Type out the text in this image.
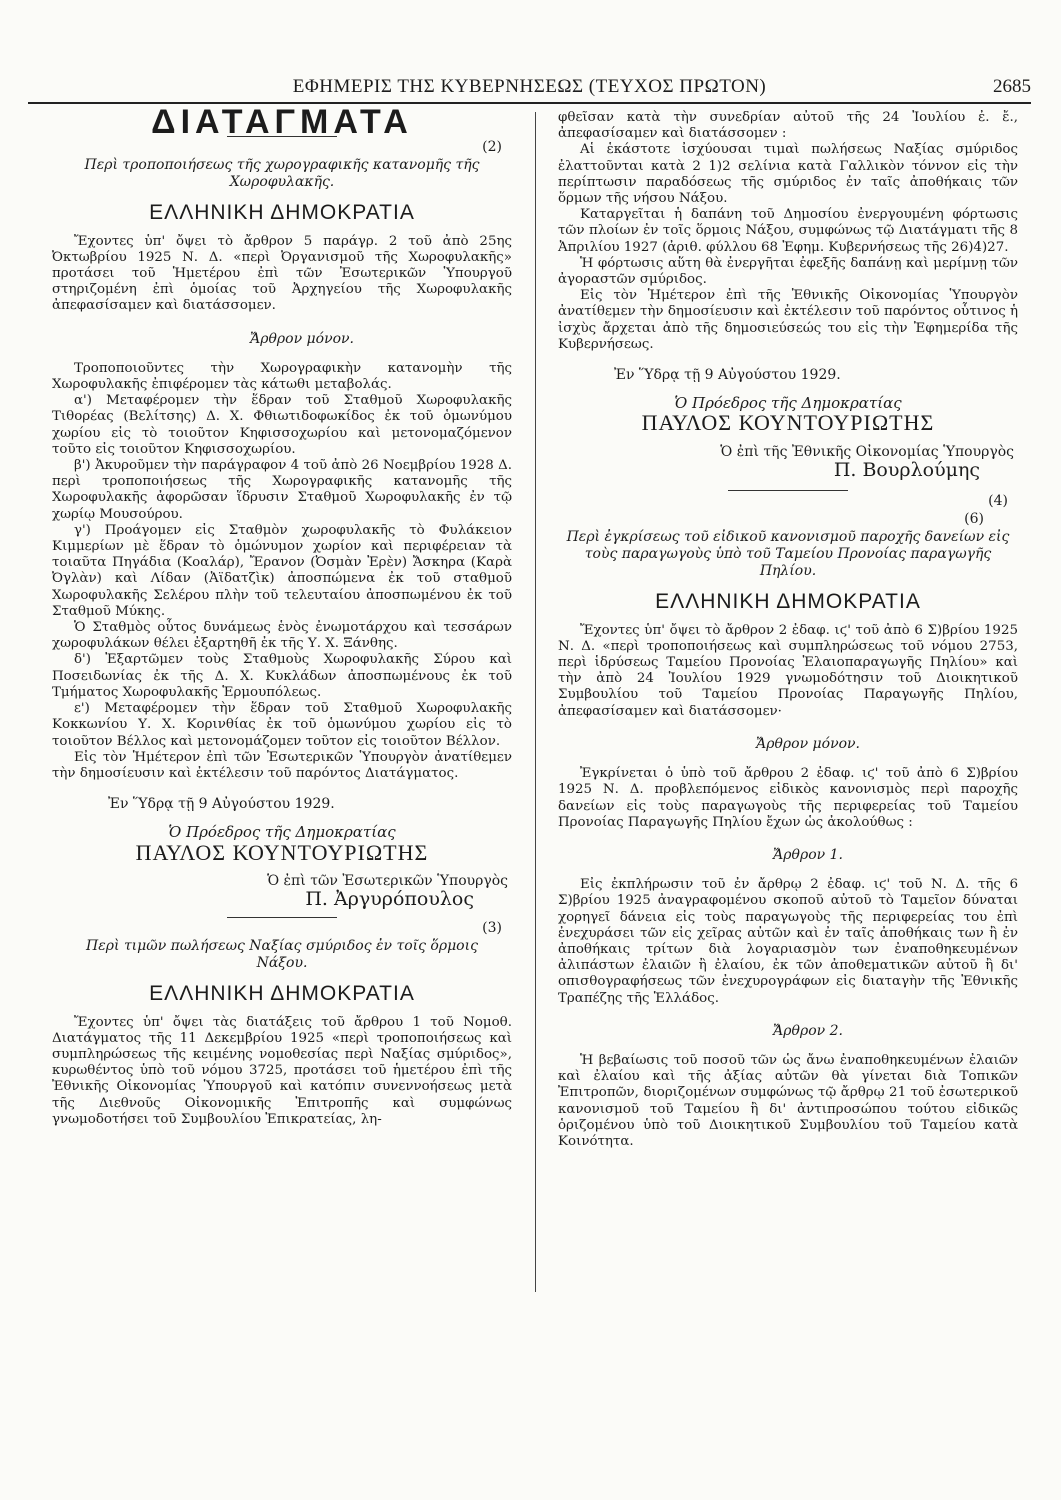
ΕΦΗΜΕΡΙΣ ΤΗΣ ΚΥΒΕΡΝΗΣΕΩΣ (ΤΕΥΧΟΣ ΠΡΩΤΟΝ)	2685
ΔΙΑΤΑΓΜΑΤΑ
(2)
Περὶ τροποποιήσεως τῆς χωρογραφικῆς κατανομῆς τῆς Χωροφυλακῆς.
ΕΛΛΗΝΙΚΗ ΔΗΜΟΚΡΑΤΙΑ

Ἔχοντες ὑπ' ὄψει τὸ ἄρθρον 5 παράγρ. 2 τοῦ ἀπὸ 25ης Ὀκτωβρίου 1925 Ν. Δ. «περὶ Ὀργανισμοῦ τῆς Χωροφυλακῆς» προτάσει τοῦ Ἡμετέρου ἐπὶ τῶν Ἐσωτερικῶν Ὑπουργοῦ στηριζομένη ἐπὶ ὁμοίας τοῦ Ἀρχηγείου τῆς Χωροφυλακῆς ἀπεφασίσαμεν καὶ διατάσσομεν.

Ἄρθρον μόνον.

Τροποποιοῦντες τὴν Χωρογραφικὴν κατανομὴν τῆς Χωροφυλακῆς ἐπιφέρομεν τὰς κάτωθι μεταβολάς.

α') Μεταφέρομεν τὴν ἕδραν τοῦ Σταθμοῦ Χωροφυλακῆς Τιθορέας (Βελίτσης) Δ. Χ. Φθιωτιδοφωκίδος ἐκ τοῦ ὁμωνύμου χωρίου εἰς τὸ τοιοῦτον Κηφισσοχωρίου καὶ μετονομαζόμενον τοῦτο εἰς τοιοῦτον Κηφισσοχωρίου.

β') Ἀκυροῦμεν τὴν παράγραφον 4 τοῦ ἀπὸ 26 Νοεμβρίου 1928 Δ. περὶ τροποποιήσεως τῆς Χωρογραφικῆς κατανομῆς τῆς Χωροφυλακῆς ἀφορῶσαν ἵδρυσιν Σταθμοῦ Χωροφυλακῆς ἐν τῷ χωρίῳ Μουσούρου.

γ') Προάγομεν εἰς Σταθμὸν χωροφυλακῆς τὸ Φυλάκειον Κιμμερίων μὲ ἕδραν τὸ ὁμώνυμον χωρίον καὶ περιφέρειαν τὰ τοιαῦτα Πηγάδια (Κοαλάρ), Ἔρανον (Ὀσμὰν Ἐρὲν) Ἄσκηρα (Καρὰ Ὀγλὰν) καὶ Λίδαν (Ἀϊδατζὶκ) ἀποσπώμενα ἐκ τοῦ σταθμοῦ Χωροφυλακῆς Σελέρου πλὴν τοῦ τελευταίου ἀποσπωμένου ἐκ τοῦ Σταθμοῦ Μύκης.

Ὁ Σταθμὸς οὗτος δυνάμεως ἑνὸς ἐνωμοτάρχου καὶ τεσσάρων χωροφυλάκων θέλει ἐξαρτηθῆ ἐκ τῆς Υ. Χ. Ξάνθης.

δ') Ἐξαρτῶμεν τοὺς Σταθμοὺς Χωροφυλακῆς Σύρου καὶ Ποσειδωνίας ἐκ τῆς Δ. Χ. Κυκλάδων ἀποσπωμένους ἐκ τοῦ Τμήματος Χωροφυλακῆς Ἑρμουπόλεως.

ε') Μεταφέρομεν τὴν ἕδραν τοῦ Σταθμοῦ Χωροφυλακῆς Κοκκωνίου Υ. Χ. Κορινθίας ἐκ τοῦ ὁμωνύμου χωρίου εἰς τὸ τοιοῦτον Βέλλος καὶ μετονομάζομεν τοῦτον εἰς τοιοῦτον Βέλλον.

Εἰς τὸν Ἡμέτερον ἐπὶ τῶν Ἐσωτερικῶν Ὑπουργὸν ἀνατίθεμεν τὴν δημοσίευσιν καὶ ἐκτέλεσιν τοῦ παρόντος Διατάγματος.

Ἐν Ὕδρᾳ τῇ 9 Αὐγούστου 1929.

Ὁ Πρόεδρος τῆς Δημοκρατίας
ΠΑΥΛΟΣ ΚΟΥΝΤΟΥΡΙΩΤΗΣ
Ὁ ἐπὶ τῶν Ἐσωτερικῶν Ὑπουργὸς
Π. Ἀργυρόπουλος
(3)
Περὶ τιμῶν πωλήσεως Ναξίας σμύριδος ἐν τοῖς ὅρμοις Νάξου.
ΕΛΛΗΝΙΚΗ ΔΗΜΟΚΡΑΤΙΑ

Ἔχοντες ὑπ' ὄψει τὰς διατάξεις τοῦ ἄρθρου 1 τοῦ Νομοθ. Διατάγματος τῆς 11 Δεκεμβρίου 1925 «περὶ τροποποιήσεως καὶ συμπληρώσεως τῆς κειμένης νομοθεσίας περὶ Ναξίας σμύριδος», κυρωθέντος ὑπὸ τοῦ νόμου 3725, προτάσει τοῦ ἡμετέρου ἐπὶ τῆς Ἐθνικῆς Οἰκονομίας Ὑπουργοῦ καὶ κατόπιν συνεννοήσεως μετὰ τῆς Διεθνοῦς Οἰκονομικῆς Ἐπιτροπῆς καὶ συμφώνως γνωμοδοτήσει τοῦ Συμβουλίου Ἐπικρατείας, λη-

φθεῖσαν κατὰ τὴν συνεδρίαν αὐτοῦ τῆς 24 Ἰουλίου ἐ. ἔ., ἀπεφασίσαμεν καὶ διατάσσομεν :

Αἱ ἑκάστοτε ἰσχύουσαι τιμαὶ πωλήσεως Ναξίας σμύριδος ἐλαττοῦνται κατὰ 2 1)2 σελίνια κατὰ Γαλλικὸν τόννον εἰς τὴν περίπτωσιν παραδόσεως τῆς σμύριδος ἐν ταῖς ἀποθήκαις τῶν ὅρμων τῆς νήσου Νάξου.

Καταργεῖται ἡ δαπάνη τοῦ Δημοσίου ἐνεργουμένη φόρτωσις τῶν πλοίων ἐν τοῖς ὅρμοις Νάξου, συμφώνως τῷ Διατάγματι τῆς 8 Ἀπριλίου 1927 (ἀριθ. φύλλου 68 Ἐφημ. Κυβερνήσεως τῆς 26)4)27.

Ἡ φόρτωσις αὕτη θὰ ἐνεργῆται ἐφεξῆς δαπάνῃ καὶ μερίμνῃ τῶν ἀγοραστῶν σμύριδος.

Εἰς τὸν Ἡμέτερον ἐπὶ τῆς Ἐθνικῆς Οἰκονομίας Ὑπουργὸν ἀνατίθεμεν τὴν δημοσίευσιν καὶ ἐκτέλεσιν τοῦ παρόντος οὗτινος ἡ ἰσχὺς ἄρχεται ἀπὸ τῆς δημοσιεύσεώς του εἰς τὴν Ἐφημερίδα τῆς Κυβερνήσεως.

Ἐν Ὕδρᾳ τῇ 9 Αὐγούστου 1929.

Ὁ Πρόεδρος τῆς Δημοκρατίας
ΠΑΥΛΟΣ ΚΟΥΝΤΟΥΡΙΩΤΗΣ
Ὁ ἐπὶ τῆς Ἐθνικῆς Οἰκονομίας Ὑπουργὸς
Π. Βουρλούμης
(4)
(6)
Περὶ ἐγκρίσεως τοῦ εἰδικοῦ κανονισμοῦ παροχῆς δανείων εἰς τοὺς παραγωγοὺς ὑπὸ τοῦ Ταμείου Προνοίας παραγωγῆς Πηλίου.
ΕΛΛΗΝΙΚΗ ΔΗΜΟΚΡΑΤΙΑ

Ἔχοντες ὑπ' ὄψει τὸ ἄρθρον 2 ἐδαφ. ιϛ' τοῦ ἀπὸ 6 Σ)βρίου 1925 Ν. Δ. «περὶ τροποποιήσεως καὶ συμπληρώσεως τοῦ νόμου 2753, περὶ ἱδρύσεως Ταμείου Προνοίας Ἐλαιοπαραγωγῆς Πηλίου» καὶ τὴν ἀπὸ 24 Ἰουλίου 1929 γνωμοδότησιν τοῦ Διοικητικοῦ Συμβουλίου τοῦ Ταμείου Προνοίας Παραγωγῆς Πηλίου, ἀπεφασίσαμεν καὶ διατάσσομεν·

Ἄρθρον μόνον.

Ἐγκρίνεται ὁ ὑπὸ τοῦ ἄρθρου 2 ἐδαφ. ιϛ' τοῦ ἀπὸ 6 Σ)βρίου 1925 Ν. Δ. προβλεπόμενος εἰδικὸς κανονισμὸς περὶ παροχῆς δανείων εἰς τοὺς παραγωγοὺς τῆς περιφερείας τοῦ Ταμείου Προνοίας Παραγωγῆς Πηλίου ἔχων ὡς ἀκολούθως :

Ἄρθρον 1.

Εἰς ἐκπλήρωσιν τοῦ ἐν ἄρθρῳ 2 ἐδαφ. ιϛ' τοῦ Ν. Δ. τῆς 6 Σ)βρίου 1925 ἀναγραφομένου σκοποῦ αὐτοῦ τὸ Ταμεῖον δύναται χορηγεῖ δάνεια εἰς τοὺς παραγωγοὺς τῆς περιφερείας του ἐπὶ ἐνεχυράσει τῶν εἰς χεῖρας αὐτῶν καὶ ἐν ταῖς ἀποθήκαις των ἢ ἐν ἀποθήκαις τρίτων διὰ λογαριασμὸν των ἐναποθηκευμένων ἀλιπάστων ἐλαιῶν ἢ ἐλαίου, ἐκ τῶν ἀποθεματικῶν αὐτοῦ ἢ δι' οπισθογραφήσεως τῶν ἐνεχυρογράφων εἰς διαταγὴν τῆς Ἐθνικῆς Τραπέζης τῆς Ἑλλάδος.

Ἄρθρον 2.

Ἡ βεβαίωσις τοῦ ποσοῦ τῶν ὡς ἄνω ἐναποθηκευμένων ἐλαιῶν καὶ ἐλαίου καὶ τῆς ἀξίας αὐτῶν θὰ γίνεται διὰ Τοπικῶν Ἐπιτροπῶν, διοριζομένων συμφώνως τῷ ἄρθρῳ 21 τοῦ ἐσωτερικοῦ κανονισμοῦ τοῦ Ταμείου ἢ δι' ἀντιπροσώπου τούτου εἰδικῶς ὁριζομένου ὑπὸ τοῦ Διοικητικοῦ Συμβουλίου τοῦ Ταμείου κατὰ Κοινότητα.
